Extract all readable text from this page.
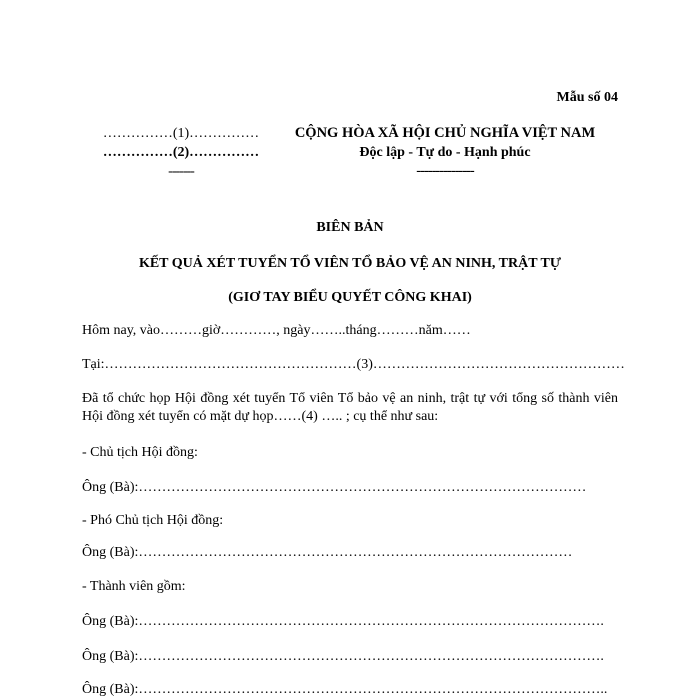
Mẫu số 04
……………(1)……………
……………(2)……………
-------
CỘNG HÒA XÃ HỘI CHỦ NGHĨA VIỆT NAM
Độc lập - Tự do - Hạnh phúc
---------------
BIÊN BẢN
KẾT QUẢ XÉT TUYỂN TỔ VIÊN TỔ BẢO VỆ AN NINH, TRẬT TỰ
(GIƠ TAY BIỂU QUYẾT CÔNG KHAI)
Hôm nay, vào………giờ…………, ngày……..tháng………năm……
Tại:………………………………………………(3)………………………………………………
Đã tổ chức họp Hội đồng xét tuyển Tổ viên Tổ bảo vệ an ninh, trật tự với tổng số thành viên Hội đồng xét tuyển có mặt dự họp……(4) ….. ; cụ thể như sau:
- Chủ tịch Hội đồng:
Ông (Bà):……………………………………………………………………………………
- Phó Chủ tịch Hội đồng:
Ông (Bà):…………………………………………………………………………………
- Thành viên gồm:
Ông (Bà):……………………………………………………………………………………….
Ông (Bà):……………………………………………………………………………………….
Ông (Bà):………………………………………………………………………………………..
